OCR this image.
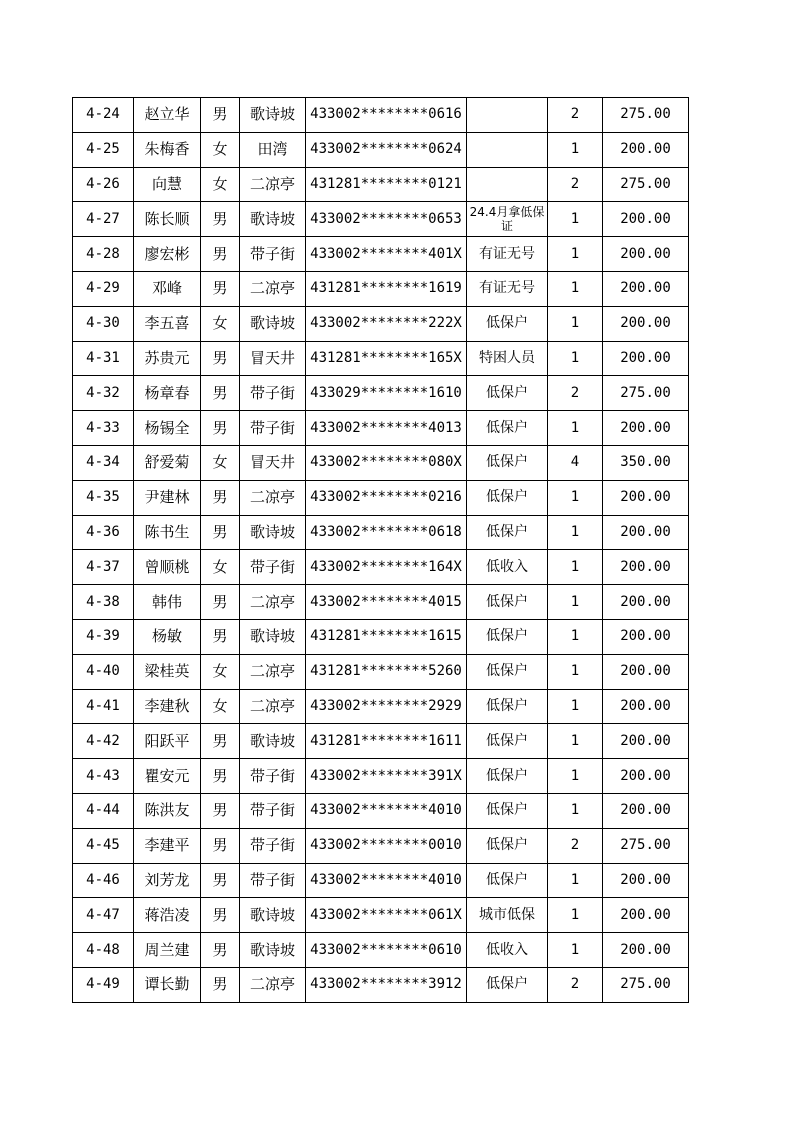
4-24	赵立华	男	歌诗坡	433002********0616		2	275.00
4-25	朱梅香	女	田湾	433002********0624		1	200.00
4-26	向慧	女	二凉亭	431281********0121		2	275.00
4-27	陈长顺	男	歌诗坡	433002********0653	24.4月拿低保证	1	200.00
4-28	廖宏彬	男	带子街	433002********401X	有证无号	1	200.00
4-29	邓峰	男	二凉亭	431281********1619	有证无号	1	200.00
4-30	李五喜	女	歌诗坡	433002********222X	低保户	1	200.00
4-31	苏贵元	男	冒天井	431281********165X	特困人员	1	200.00
4-32	杨章春	男	带子街	433029********1610	低保户	2	275.00
4-33	杨锡全	男	带子街	433002********4013	低保户	1	200.00
4-34	舒爱菊	女	冒天井	433002********080X	低保户	4	350.00
4-35	尹建林	男	二凉亭	433002********0216	低保户	1	200.00
4-36	陈书生	男	歌诗坡	433002********0618	低保户	1	200.00
4-37	曾顺桃	女	带子街	433002********164X	低收入	1	200.00
4-38	韩伟	男	二凉亭	433002********4015	低保户	1	200.00
4-39	杨敏	男	歌诗坡	431281********1615	低保户	1	200.00
4-40	梁桂英	女	二凉亭	431281********5260	低保户	1	200.00
4-41	李建秋	女	二凉亭	433002********2929	低保户	1	200.00
4-42	阳跃平	男	歌诗坡	431281********1611	低保户	1	200.00
4-43	瞿安元	男	带子街	433002********391X	低保户	1	200.00
4-44	陈洪友	男	带子街	433002********4010	低保户	1	200.00
4-45	李建平	男	带子街	433002********0010	低保户	2	275.00
4-46	刘芳龙	男	带子街	433002********4010	低保户	1	200.00
4-47	蒋浩凌	男	歌诗坡	433002********061X	城市低保	1	200.00
4-48	周兰建	男	歌诗坡	433002********0610	低收入	1	200.00
4-49	谭长勤	男	二凉亭	433002********3912	低保户	2	275.00
